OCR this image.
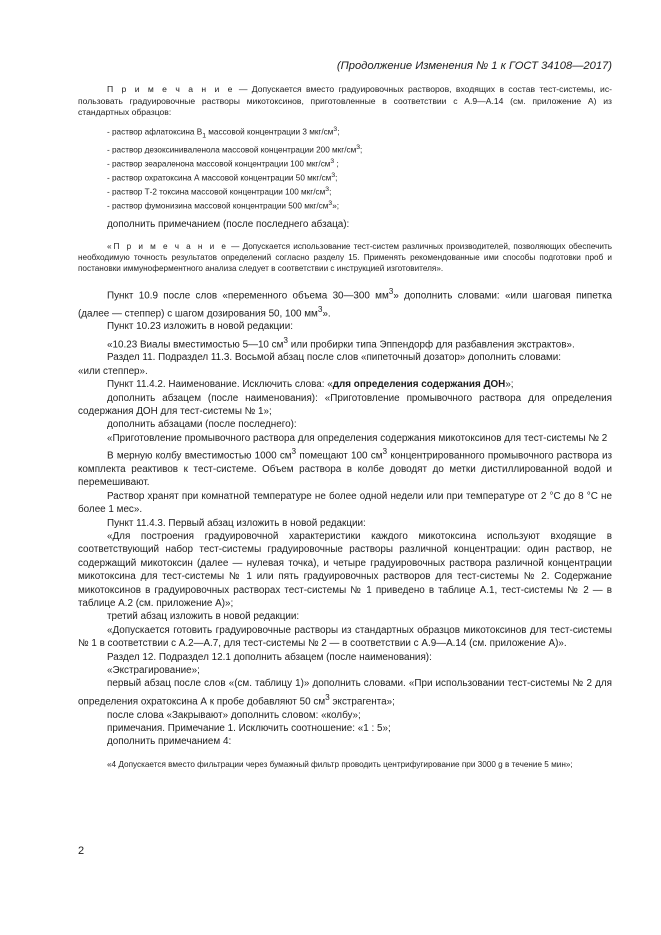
(Продолжение Изменения № 1 к ГОСТ 34108—2017)

П р и м е ч а н и е — Допускается вместо градуировочных растворов, входящих в состав тест-системы, использовать градуировочные растворы микотоксинов, приготовленные в соответствии с А.9—А.14 (см. приложение А) из стандартных образцов:

- раствор афлатоксина $B_1$ массовой концентрации 3 мкг/$см^3$;
- раствор дезоксиниваленола массовой концентрации 200 мкг/$см^3$;
- раствор зеараленона массовой концентрации 100 мкг/$см^3$ ;
- раствор охратоксина А массовой концентрации 50 мкг/$см^3$;
- раствор Т-2 токсина массовой концентрации 100 мкг/$см^3$;
- раствор фумонизина массовой концентрации 500 мкг/$см^3$»;

дополнить примечанием (после последнего абзаца):

«П р и м е ч а н и е — Допускается использование тест-систем различных производителей, позволяющих обеспечить необходимую точность результатов определений согласно разделу 15. Применять рекомендованные ими способы подготовки проб и постановки иммуноферментного анализа следует в соответствии с инструкцией изготовителя».

Пункт 10.9 после слов «переменного объема 30—300 $мм^3$» дополнить словами: «или шаговая пипетка (далее — степпер) с шагом дозирования 50, 100 $мм^3$».

Пункт 10.23 изложить в новой редакции:

«10.23 Виалы вместимостью 5—10 $см^3$ или пробирки типа Эппендорф для разбавления экстрактов».

Раздел 11. Подраздел 11.3. Восьмой абзац после слов «пипеточный дозатор» дополнить словами:

«или степпер».

Пункт 11.4.2. Наименование. Исключить слова: «для определения содержания ДОН»;

дополнить абзацем (после наименования): «Приготовление промывочного раствора для определения содержания ДОН для тест-системы № 1»;

дополнить абзацами (после последнего):

«Приготовление промывочного раствора для определения содержания микотоксинов для тест-системы № 2

В мерную колбу вместимостью 1000 $см^3$ помещают 100 $см^3$ концентрированного промывочного раствора из комплекта реактивов к тест-системе. Объем раствора в колбе доводят до метки дистиллированной водой и перемешивают.

Раствор хранят при комнатной температуре не более одной недели или при температуре от 2 °С до 8 °С не более 1 мес».

Пункт 11.4.3. Первый абзац изложить в новой редакции:

«Для построения градуировочной характеристики каждого микотоксина используют входящие в соответствующий набор тест-системы градуировочные растворы различной концентрации: один раствор, не содержащий микотоксин (далее — нулевая точка), и четыре градуировочных раствора различной концентрации микотоксина для тест-системы № 1 или пять градуировочных растворов для тест-системы № 2. Содержание микотоксинов в градуировочных растворах тест-системы № 1 приведено в таблице А.1, тест-системы № 2 — в таблице А.2 (см. приложение А)»;

третий абзац изложить в новой редакции:

«Допускается готовить градуировочные растворы из стандартных образцов микотоксинов для тест-системы № 1 в соответствии с А.2—А.7, для тест-системы № 2 — в соответствии с А.9—А.14 (см. приложение А)».

Раздел 12. Подраздел 12.1 дополнить абзацем (после наименования):

«Экстрагирование»;

первый абзац после слов «(см. таблицу 1)» дополнить словами. «При использовании тест-системы № 2 для определения охратоксина А к пробе добавляют 50 $см^3$ экстрагента»;

после слова «Закрывают» дополнить словом: «колбу»;

примечания. Примечание 1. Исключить соотношение: «1 : 5»;

дополнить примечанием 4:

«4 Допускается вместо фильтрации через бумажный фильтр проводить центрифугирование при 3000 g в течение 5 мин»;

2
